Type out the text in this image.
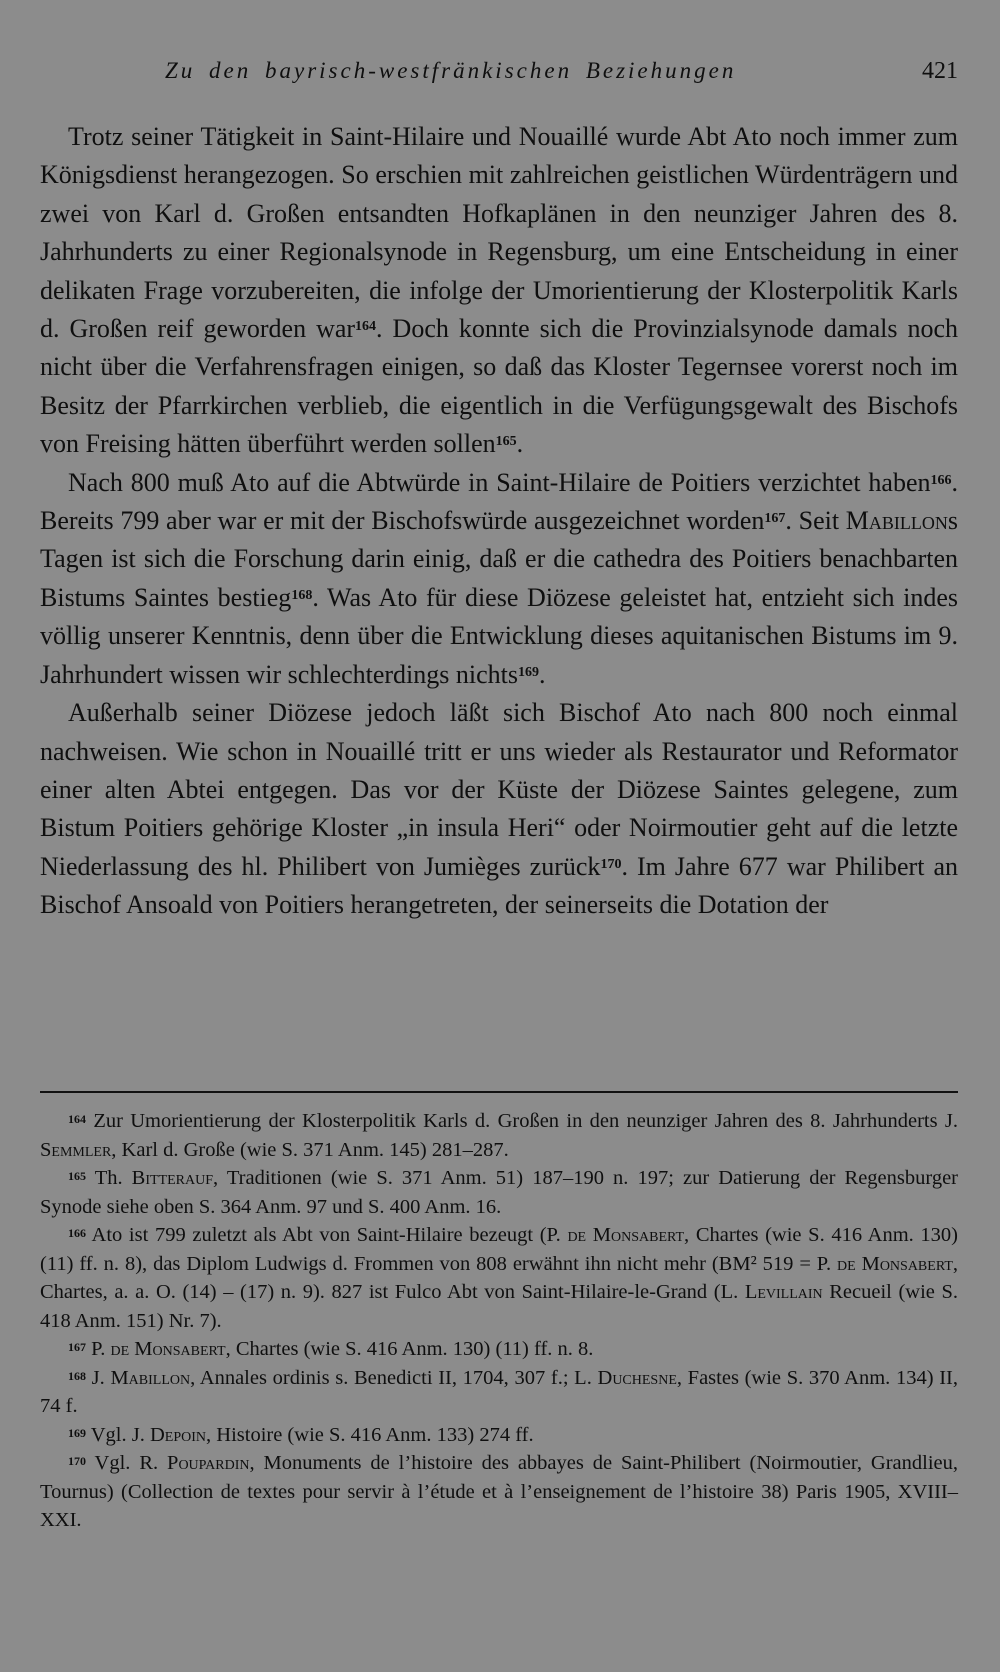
Zu den bayrisch-westfränkischen Beziehungen	421

Trotz seiner Tätigkeit in Saint-Hilaire und Nouaillé wurde Abt Ato noch immer zum Königsdienst herangezogen. So erschien mit zahlreichen geistlichen Würdenträgern und zwei von Karl d. Großen entsandten Hofkaplänen in den neunziger Jahren des 8. Jahrhunderts zu einer Regionalsynode in Regensburg, um eine Entscheidung in einer delikaten Frage vorzubereiten, die infolge der Umorientierung der Klosterpolitik Karls d. Großen reif geworden war$^{164}$. Doch konnte sich die Provinzialsynode damals noch nicht über die Verfahrensfragen einigen, so daß das Kloster Tegernsee vorerst noch im Besitz der Pfarrkirchen verblieb, die eigentlich in die Verfügungsgewalt des Bischofs von Freising hätten überführt werden sollen$^{165}$.

Nach 800 muß Ato auf die Abtwürde in Saint-Hilaire de Poitiers verzichtet haben$^{166}$. Bereits 799 aber war er mit der Bischofswürde ausgezeichnet worden$^{167}$. Seit Mabillons Tagen ist sich die Forschung darin einig, daß er die cathedra des Poitiers benachbarten Bistums Saintes bestieg$^{168}$. Was Ato für diese Diözese geleistet hat, entzieht sich indes völlig unserer Kenntnis, denn über die Entwicklung dieses aquitanischen Bistums im 9. Jahrhundert wissen wir schlechterdings nichts$^{169}$.

Außerhalb seiner Diözese jedoch läßt sich Bischof Ato nach 800 noch einmal nachweisen. Wie schon in Nouaillé tritt er uns wieder als Restaurator und Reformator einer alten Abtei entgegen. Das vor der Küste der Diözese Saintes gelegene, zum Bistum Poitiers gehörige Kloster „in insula Heri“ oder Noirmoutier geht auf die letzte Niederlassung des hl. Philibert von Jumièges zurück$^{170}$. Im Jahre 677 war Philibert an Bischof Ansoald von Poitiers herangetreten, der seinerseits die Dotation der

$^{164}$ Zur Umorientierung der Klosterpolitik Karls d. Großen in den neunziger Jahren des 8. Jahrhunderts J. Semmler, Karl d. Große (wie S. 371 Anm. 145) 281–287.
$^{165}$ Th. Bitterauf, Traditionen (wie S. 371 Anm. 51) 187–190 n. 197; zur Datierung der Regensburger Synode siehe oben S. 364 Anm. 97 und S. 400 Anm. 16.
$^{166}$ Ato ist 799 zuletzt als Abt von Saint-Hilaire bezeugt (P. de Monsabert, Chartes (wie S. 416 Anm. 130) (11) ff. n. 8), das Diplom Ludwigs d. Frommen von 808 erwähnt ihn nicht mehr (BM² 519 = P. de Monsabert, Chartes, a. a. O. (14) – (17) n. 9). 827 ist Fulco Abt von Saint-Hilaire-le-Grand (L. Levillain Recueil (wie S. 418 Anm. 151) Nr. 7).
$^{167}$ P. de Monsabert, Chartes (wie S. 416 Anm. 130) (11) ff. n. 8.
$^{168}$ J. Mabillon, Annales ordinis s. Benedicti II, 1704, 307 f.; L. Duchesne, Fastes (wie S. 370 Anm. 134) II, 74 f.
$^{169}$ Vgl. J. Depoin, Histoire (wie S. 416 Anm. 133) 274 ff.
$^{170}$ Vgl. R. Poupardin, Monuments de l’histoire des abbayes de Saint-Philibert (Noirmoutier, Grandlieu, Tournus) (Collection de textes pour servir à l’étude et à l’enseignement de l’histoire 38) Paris 1905, XVIII–XXI.
